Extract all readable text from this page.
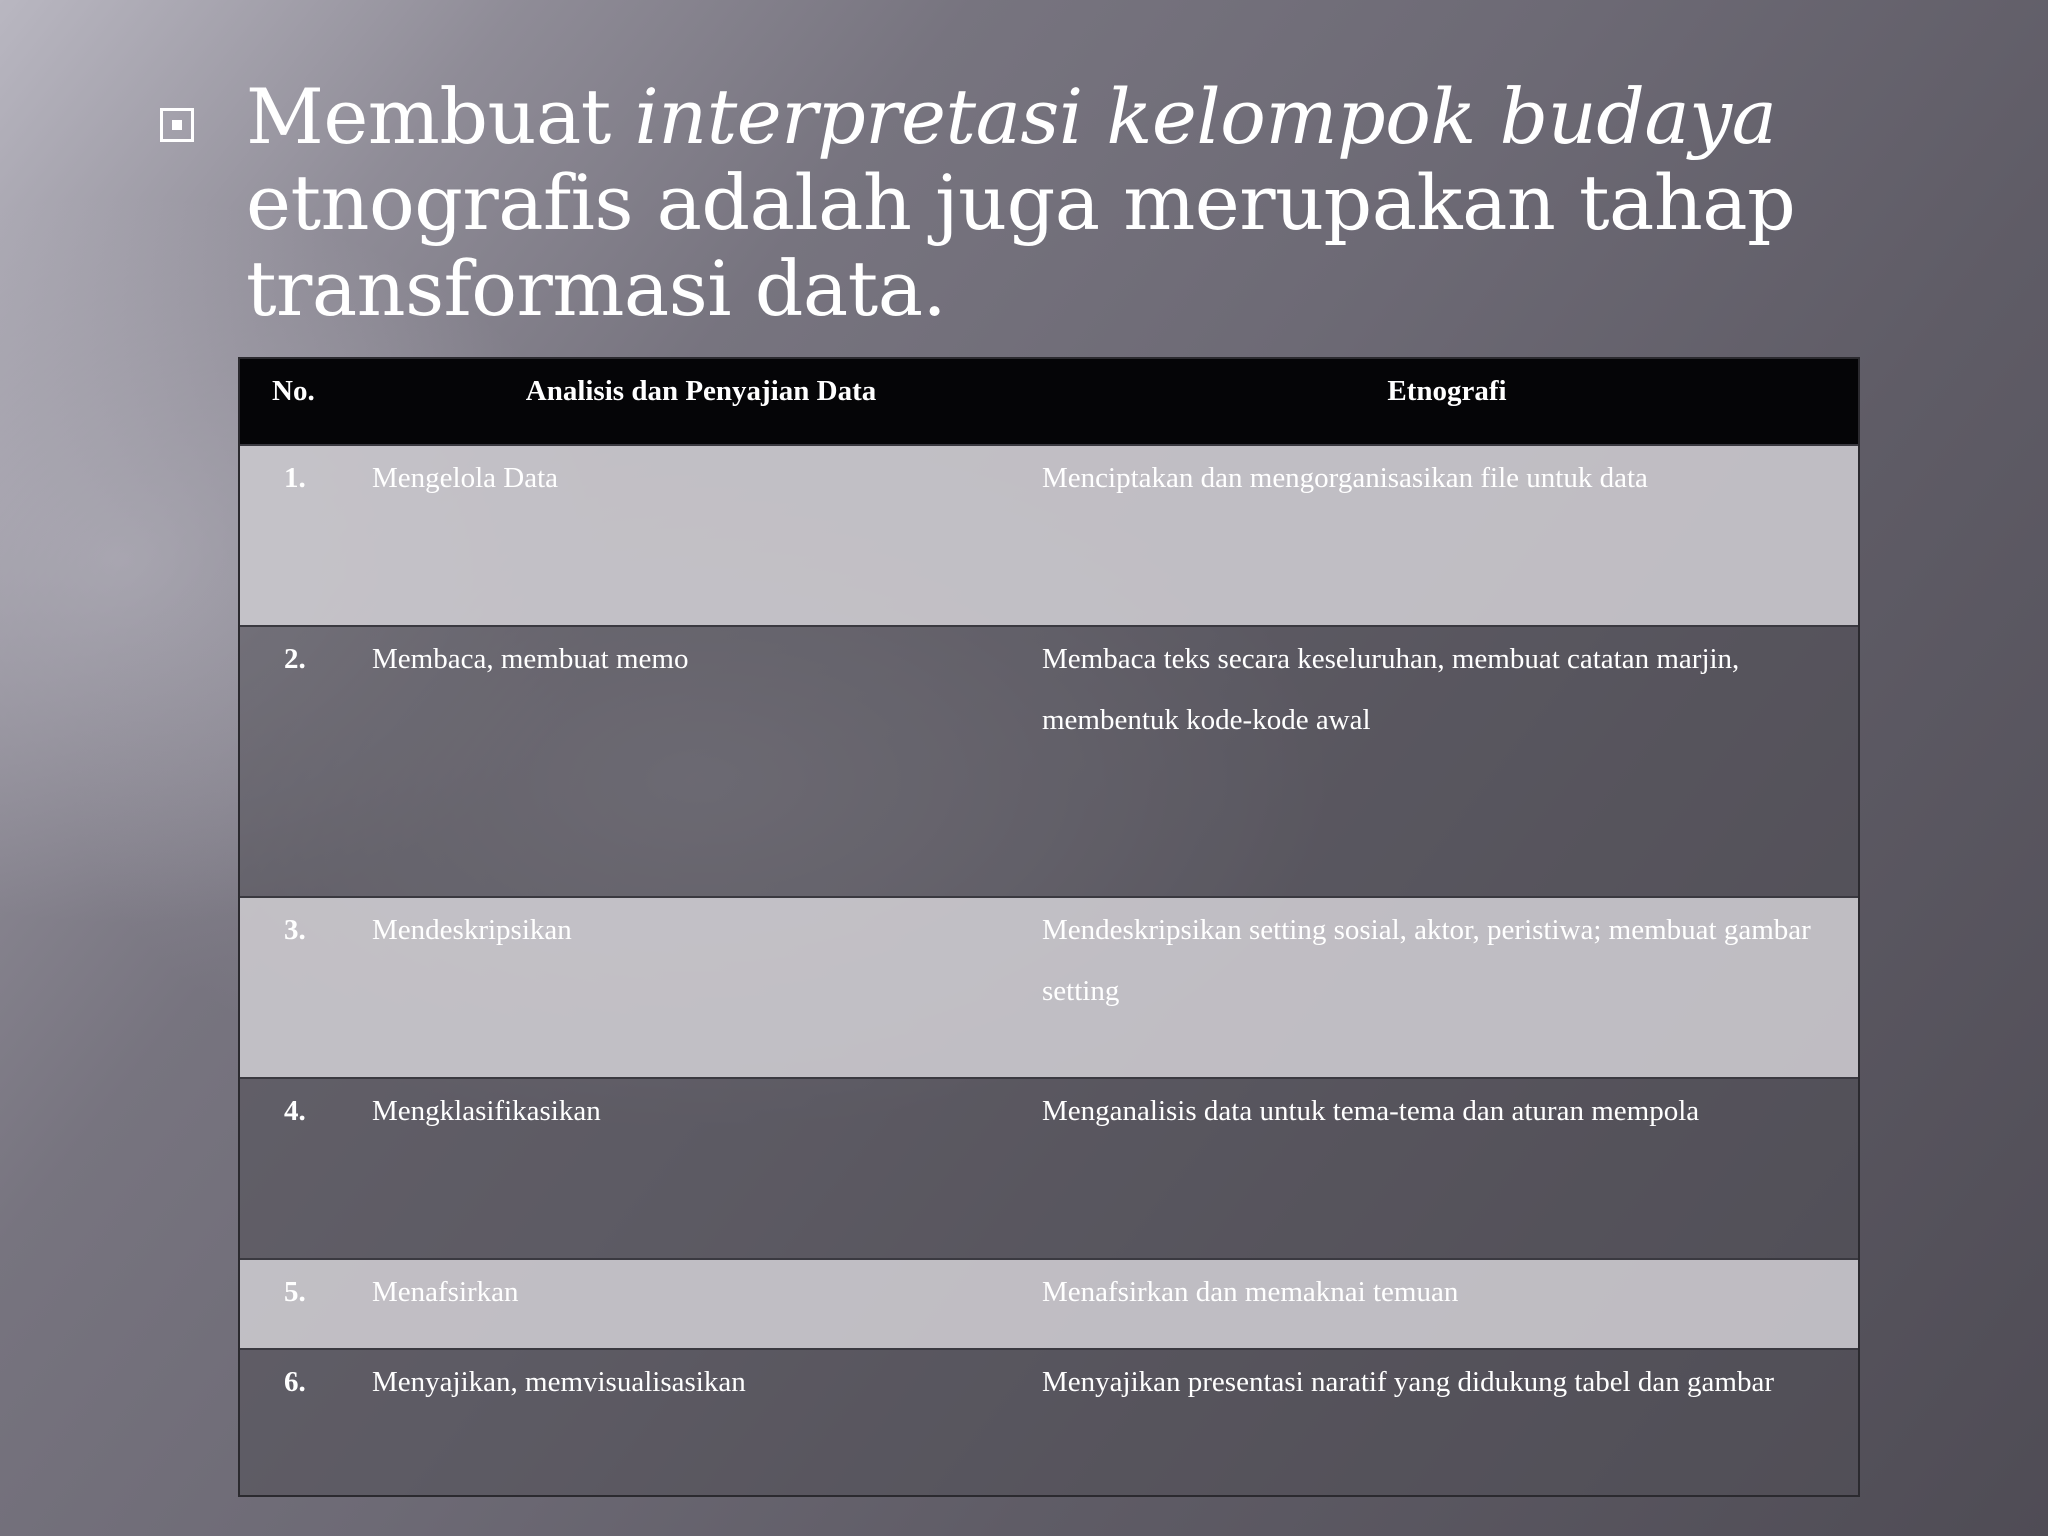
Membuat interpretasi kelompok budaya etnografis adalah juga merupakan tahap transformasi data.
No.	Analisis dan Penyajian Data	Etnografi
1.	Mengelola Data	Menciptakan dan mengorganisasikan file untuk data
2.	Membaca, membuat memo	Membaca teks secara keseluruhan, membuat catatan marjin, membentuk kode-kode awal
3.	Mendeskripsikan	Mendeskripsikan setting sosial, aktor, peristiwa; membuat gambar setting
4.	Mengklasifikasikan	Menganalisis data untuk tema-tema dan aturan mempola
5.	Menafsirkan	Menafsirkan dan memaknai temuan
6.	Menyajikan, memvisualisasikan	Menyajikan presentasi naratif yang didukung tabel dan gambar
